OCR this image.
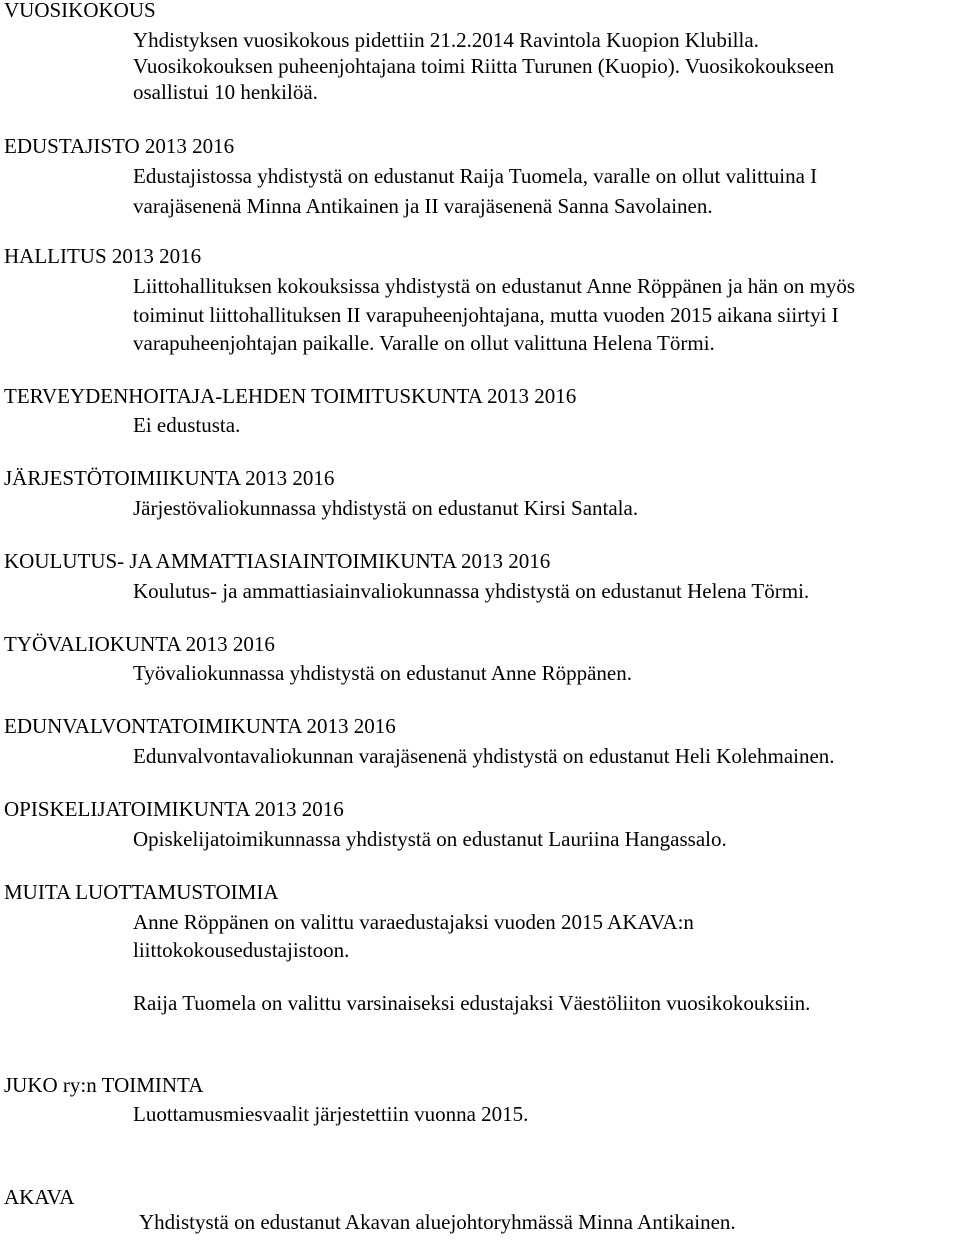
VUOSIKOKOUS

Yhdistyksen vuosikokous pidettiin 21.2.2014 Ravintola Kuopion Klubilla.

Vuosikokouksen puheenjohtajana toimi Riitta Turunen (Kuopio). Vuosikokoukseen

osallistui 10 henkilöä.

EDUSTAJISTO 2013 2016

Edustajistossa yhdistystä on edustanut Raija Tuomela, varalle on ollut valittuina I

varajäsenenä Minna Antikainen ja II varajäsenenä Sanna Savolainen.

HALLITUS 2013 2016

Liittohallituksen kokouksissa yhdistystä on edustanut Anne Röppänen ja hän on myös

toiminut liittohallituksen II varapuheenjohtajana, mutta vuoden 2015 aikana siirtyi I

varapuheenjohtajan paikalle. Varalle on ollut valittuna Helena Törmi.

TERVEYDENHOITAJA-LEHDEN TOIMITUSKUNTA 2013 2016

Ei edustusta.

JÄRJESTÖTOIMIIKUNTA 2013 2016

Järjestövaliokunnassa yhdistystä on edustanut Kirsi Santala.

KOULUTUS- JA AMMATTIASIAINTOIMIKUNTA 2013 2016

Koulutus- ja ammattiasiainvaliokunnassa yhdistystä on edustanut Helena Törmi.

TYÖVALIOKUNTA 2013 2016

Työvaliokunnassa yhdistystä on edustanut Anne Röppänen.

EDUNVALVONTATOIMIKUNTA 2013 2016

Edunvalvontavaliokunnan varajäsenenä yhdistystä on edustanut Heli Kolehmainen.

OPISKELIJATOIMIKUNTA 2013 2016

Opiskelijatoimikunnassa yhdistystä on edustanut Lauriina Hangassalo.

MUITA LUOTTAMUSTOIMIA

Anne Röppänen on valittu varaedustajaksi vuoden 2015 AKAVA:n

liittokokousedustajistoon.

Raija Tuomela on valittu varsinaiseksi edustajaksi Väestöliiton vuosikokouksiin.

JUKO ry:n TOIMINTA

Luottamusmiesvaalit järjestettiin vuonna 2015.

AKAVA

Yhdistystä on edustanut Akavan aluejohtoryhmässä Minna Antikainen.
